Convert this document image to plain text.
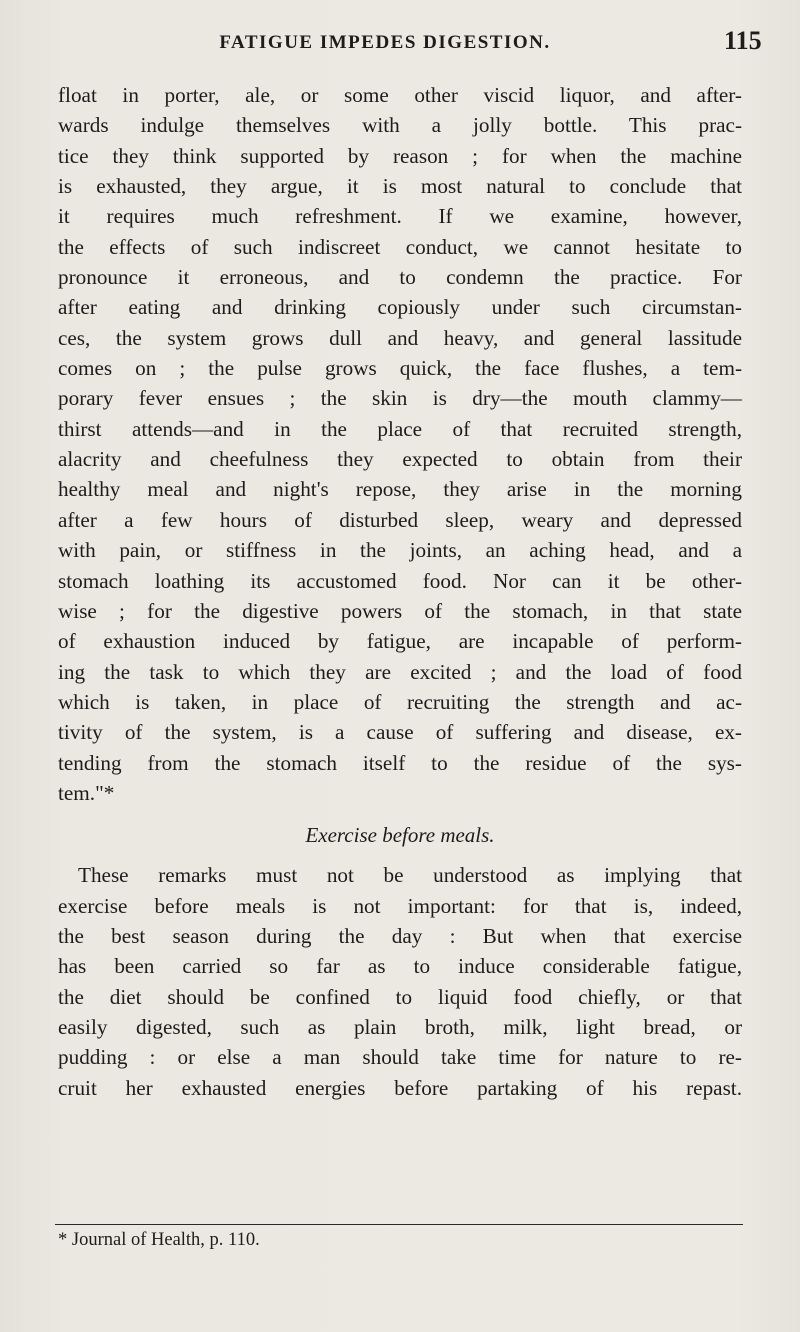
FATIGUE IMPEDES DIGESTION.	115
float in porter, ale, or some other viscid liquor, and after-
wards indulge themselves with a jolly bottle. This prac-
tice they think supported by reason ; for when the machine
is exhausted, they argue, it is most natural to conclude that
it requires much refreshment. If we examine, however,
the effects of such indiscreet conduct, we cannot hesitate to
pronounce it erroneous, and to condemn the practice. For
after eating and drinking copiously under such circumstan-
ces, the system grows dull and heavy, and general lassitude
comes on ; the pulse grows quick, the face flushes, a tem-
porary fever ensues ; the skin is dry—the mouth clammy—
thirst attends—and in the place of that recruited strength,
alacrity and cheefulness they expected to obtain from their
healthy meal and night's repose, they arise in the morning
after a few hours of disturbed sleep, weary and depressed
with pain, or stiffness in the joints, an aching head, and a
stomach loathing its accustomed food. Nor can it be other-
wise ; for the digestive powers of the stomach, in that state
of exhaustion induced by fatigue, are incapable of perform-
ing the task to which they are excited ; and the load of food
which is taken, in place of recruiting the strength and ac-
tivity of the system, is a cause of suffering and disease, ex-
tending from the stomach itself to the residue of the sys-
tem."*
Exercise before meals.
These remarks must not be understood as implying that
exercise before meals is not important: for that is, indeed,
the best season during the day : But when that exercise
has been carried so far as to induce considerable fatigue,
the diet should be confined to liquid food chiefly, or that
easily digested, such as plain broth, milk, light bread, or
pudding : or else a man should take time for nature to re-
cruit her exhausted energies before partaking of his repast.
* Journal of Health, p. 110.
